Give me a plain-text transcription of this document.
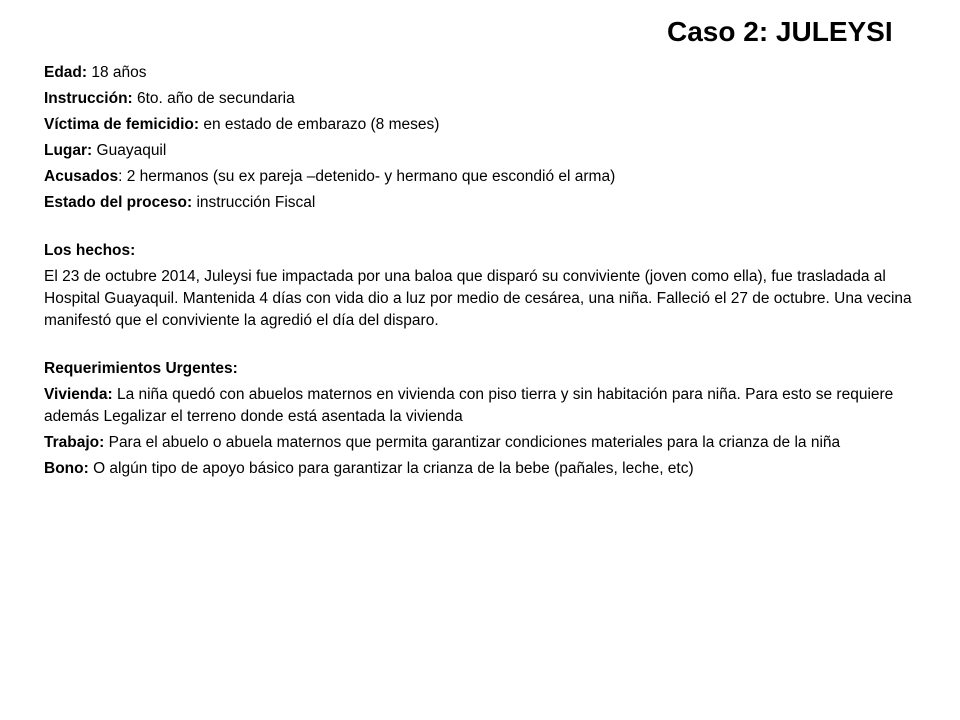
Caso 2: JULEYSI

Edad: 18 años

Instrucción: 6to. año de secundaria

Víctima de femicidio: en estado de embarazo (8 meses)

Lugar: Guayaquil

Acusados: 2 hermanos (su ex pareja –detenido- y hermano que escondió el arma)

Estado del proceso: instrucción Fiscal

Los hechos:

El 23 de octubre 2014, Juleysi fue impactada por una baloa que disparó su conviviente (joven como ella), fue trasladada al Hospital Guayaquil. Mantenida 4 días con vida dio a luz por medio de cesárea, una niña. Falleció el 27 de octubre. Una vecina manifestó que el conviviente la agredió el día del disparo.

Requerimientos Urgentes:

Vivienda: La niña quedó con abuelos maternos en vivienda con piso tierra y sin habitación para niña. Para esto se requiere además Legalizar el terreno donde está asentada la vivienda

Trabajo: Para el abuelo o abuela maternos que permita garantizar condiciones materiales para la crianza de la niña

Bono: O algún tipo de apoyo básico para garantizar la crianza de la bebe (pañales, leche, etc)
